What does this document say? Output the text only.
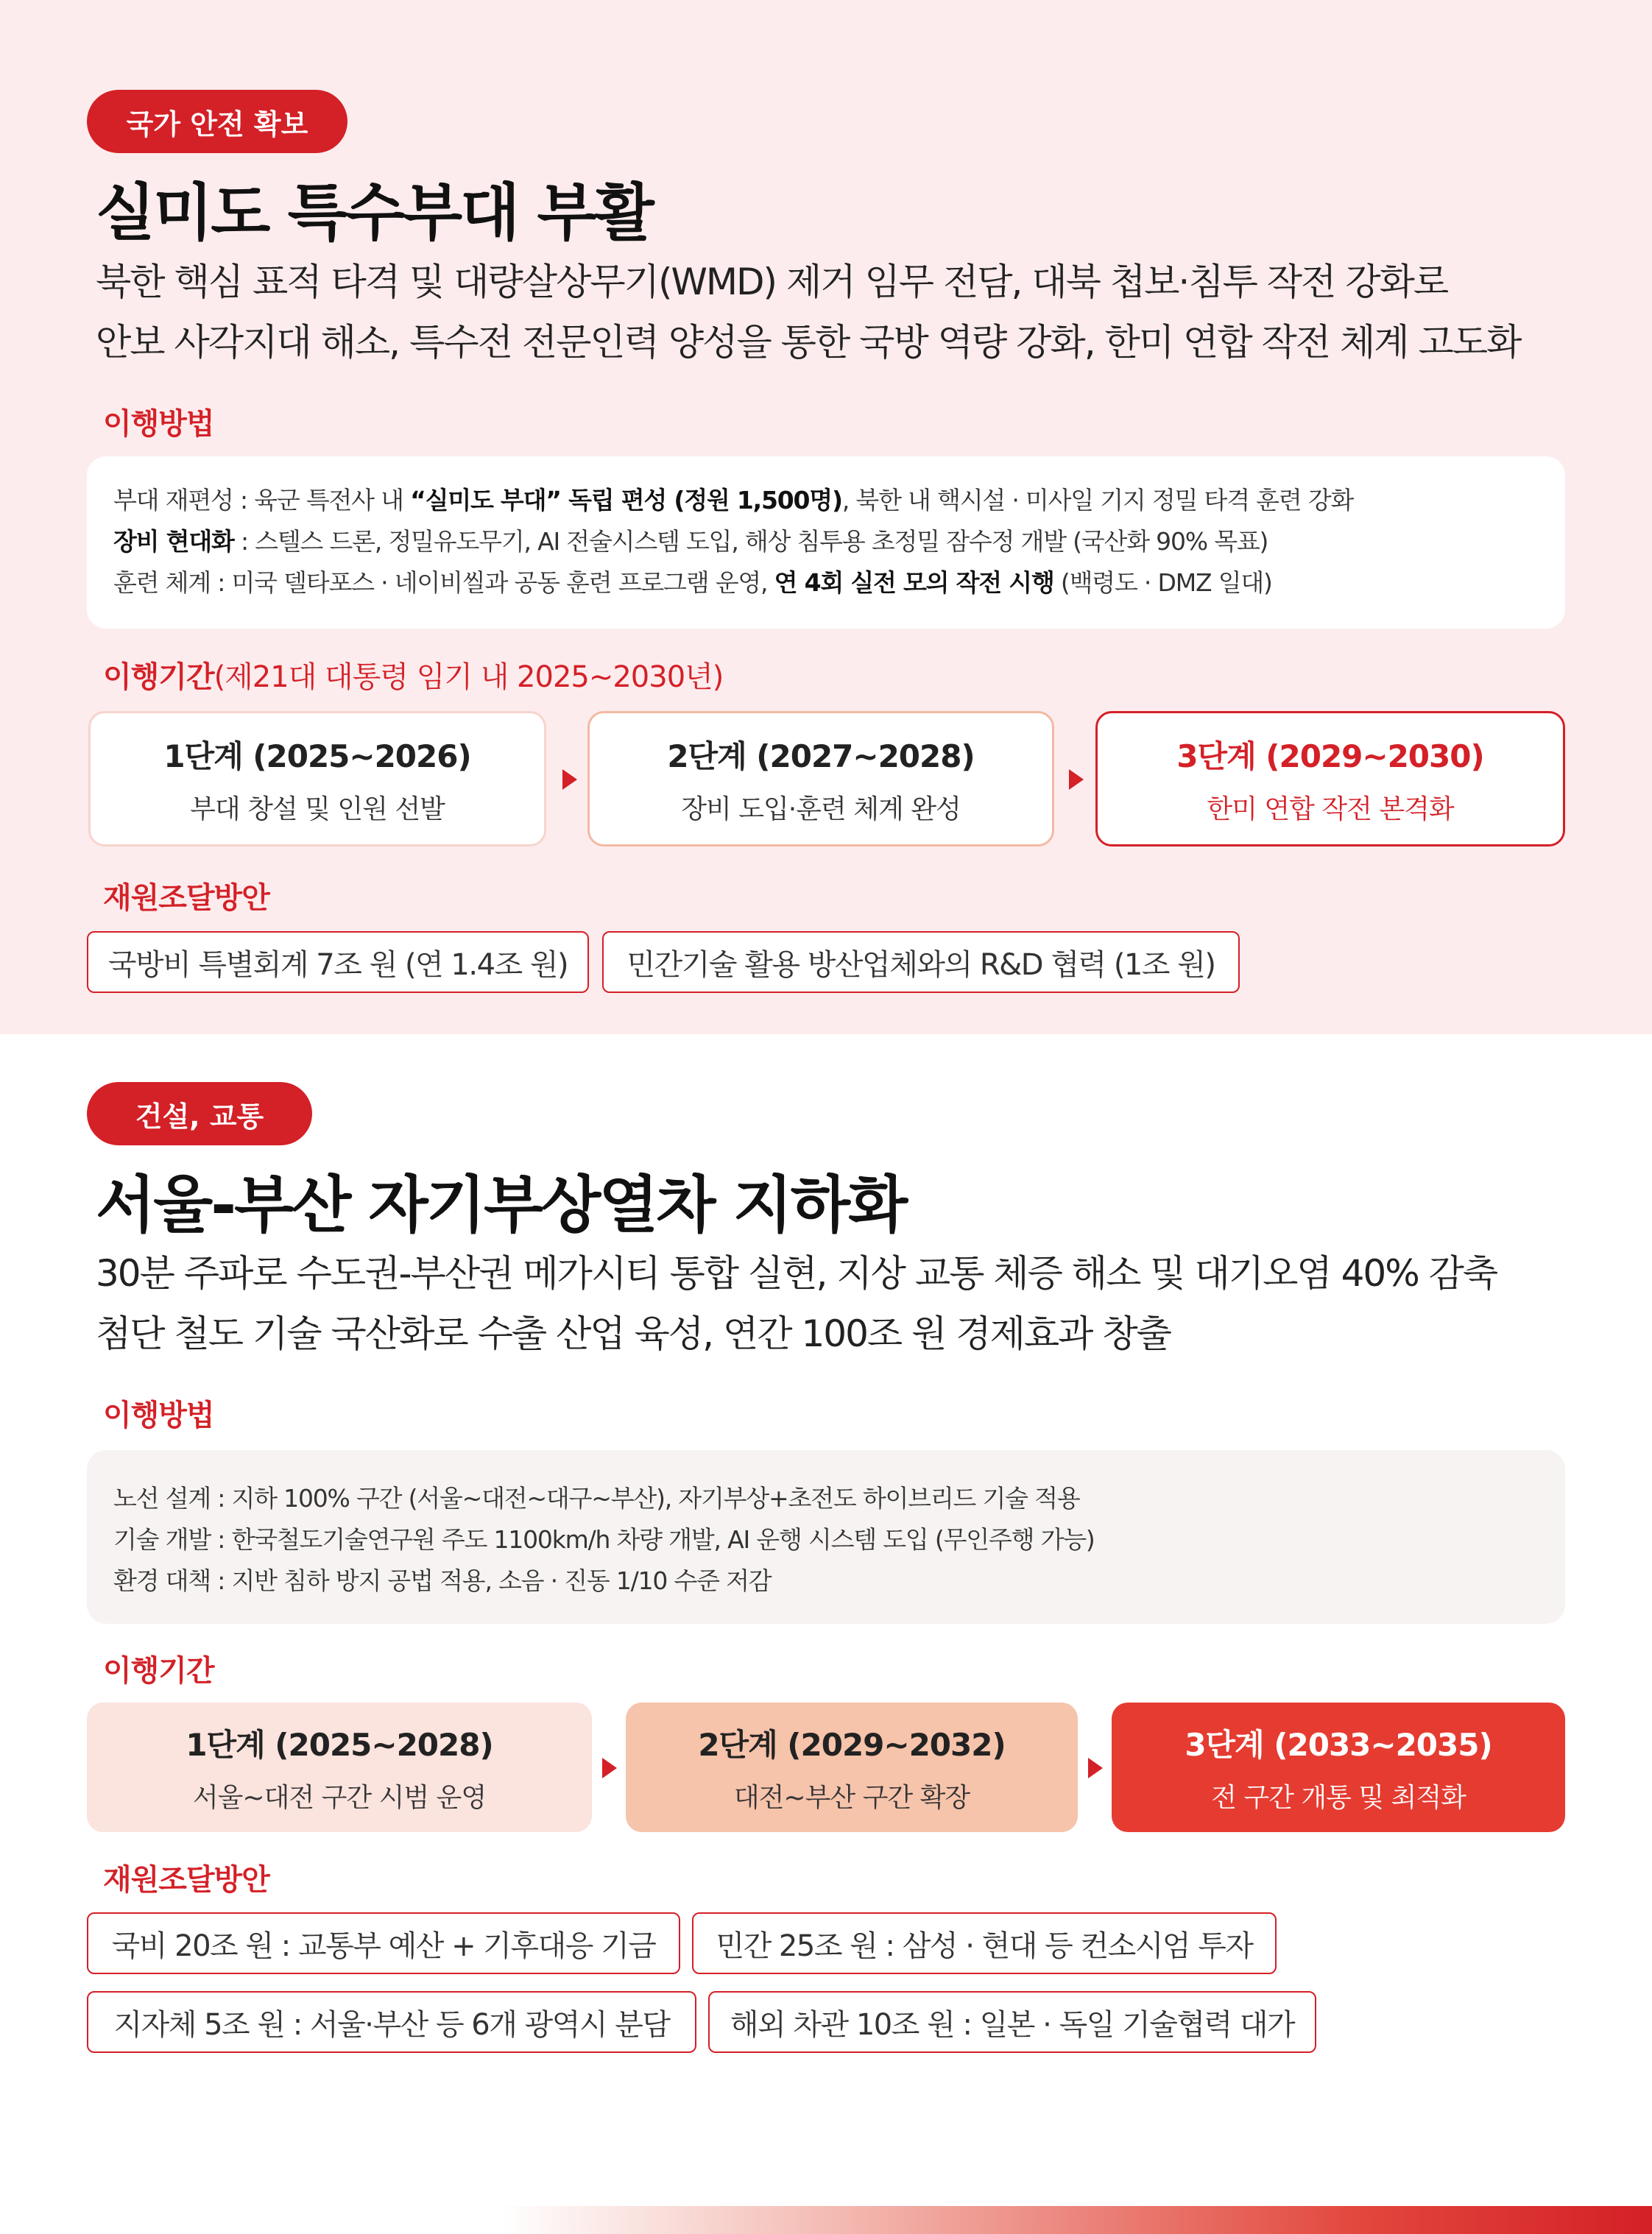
국가 안전 확보
실미도 특수부대 부활
북한 핵심 표적 타격 및 대량살상무기(WMD) 제거 임무 전담, 대북 첩보·침투 작전 강화로
안보 사각지대 해소, 특수전 전문인력 양성을 통한 국방 역량 강화, 한미 연합 작전 체계 고도화
이행방법
부대 재편성 : 육군 특전사 내 “실미도 부대” 독립 편성 (정원 1,500명), 북한 내 핵시설 · 미사일 기지 정밀 타격 훈련 강화
장비 현대화 : 스텔스 드론, 정밀유도무기, AI 전술시스템 도입, 해상 침투용 초정밀 잠수정 개발 (국산화 90% 목표)
훈련 체계 : 미국 델타포스 · 네이비씰과 공동 훈련 프로그램 운영, 연 4회 실전 모의 작전 시행 (백령도 · DMZ 일대)
이행기간(제21대 대통령 임기 내 2025~2030년)
1단계 (2025~2026)
부대 창설 및 인원 선발
2단계 (2027~2028)
장비 도입·훈련 체계 완성
3단계 (2029~2030)
한미 연합 작전 본격화
재원조달방안
국방비 특별회계 7조 원 (연 1.4조 원)	민간기술 활용 방산업체와의 R&D 협력 (1조 원)
건설, 교통
서울-부산 자기부상열차 지하화
30분 주파로 수도권-부산권 메가시티 통합 실현, 지상 교통 체증 해소 및 대기오염 40% 감축
첨단 철도 기술 국산화로 수출 산업 육성, 연간 100조 원 경제효과 창출
이행방법
노선 설계 : 지하 100% 구간 (서울~대전~대구~부산), 자기부상+초전도 하이브리드 기술 적용
기술 개발 : 한국철도기술연구원 주도 1100km/h 차량 개발, AI 운행 시스템 도입 (무인주행 가능)
환경 대책 : 지반 침하 방지 공법 적용, 소음 · 진동 1/10 수준 저감
이행기간
1단계 (2025~2028)
서울~대전 구간 시범 운영
2단계 (2029~2032)
대전~부산 구간 확장
3단계 (2033~2035)
전 구간 개통 및 최적화
재원조달방안
국비 20조 원 : 교통부 예산 + 기후대응 기금	민간 25조 원 : 삼성 · 현대 등 컨소시엄 투자
지자체 5조 원 : 서울·부산 등 6개 광역시 분담	해외 차관 10조 원 : 일본 · 독일 기술협력 대가
